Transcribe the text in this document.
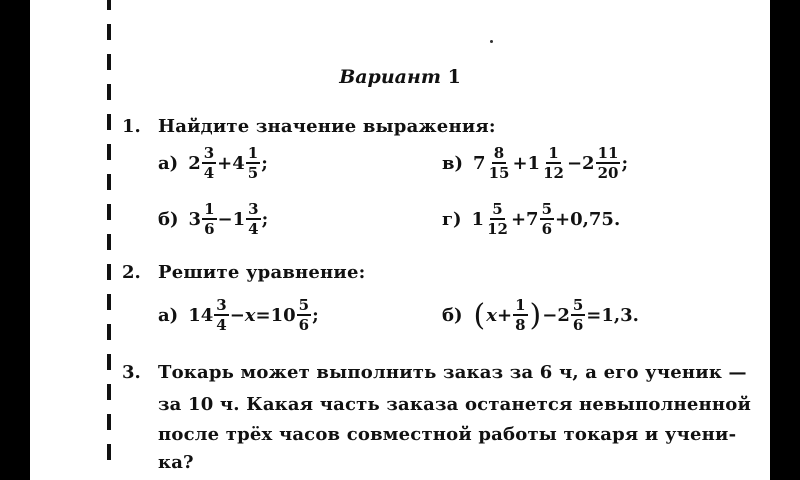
Вариант 1
1. Найдите значение выражения:
а) $2 \frac{3}{4} + 4 \frac{1}{5}$ ;	в) $7 \frac{8}{15} + 1 \frac{1}{12} - 2 \frac{11}{20}$ ;
б) $3 \frac{1}{6} - 1 \frac{3}{4}$ ;	г) $1 \frac{5}{12} + 7 \frac{5}{6} +0,75$.
2. Решите уравнение:
а) $14 \frac{3}{4} - x =10 \frac{5}{6}$ ;	б) ( $x + \frac{1}{8}$ ) $-2 \frac{5}{6} =1,3$.
3. Токарь может выполнить заказ за 6 ч, а его ученик —
за 10 ч. Какая часть заказа останется невыполненной
после трёх часов совместной работы токаря и учени-
ка?
